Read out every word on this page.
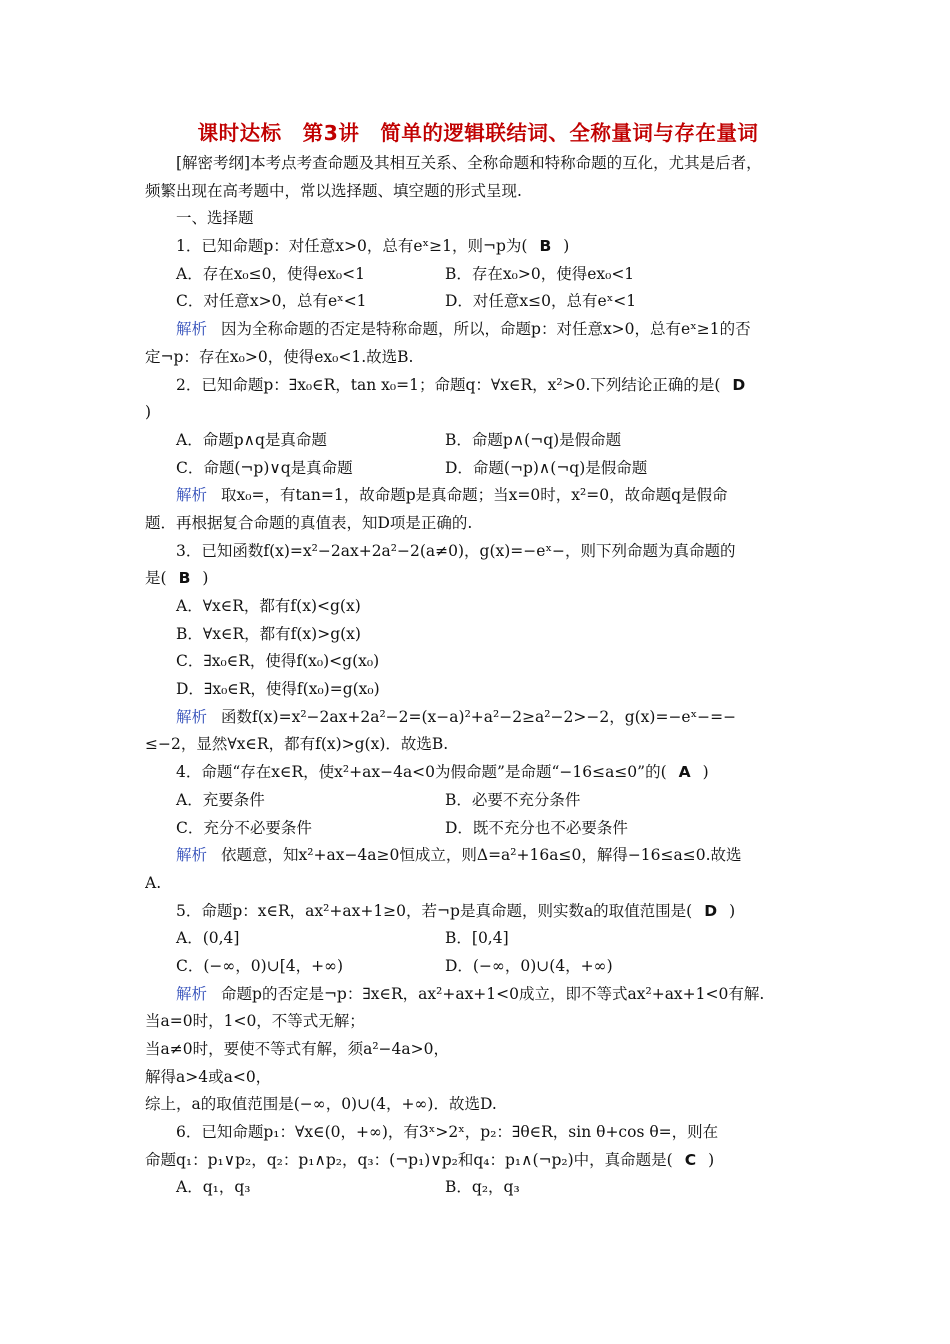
课时达标　第3讲　简单的逻辑联结词、全称量词与存在量词
[解密考纲]本考点考查命题及其相互关系、全称命题和特称命题的互化，尤其是后者，
频繁出现在高考题中，常以选择题、填空题的形式呈现.
一、选择题
1．已知命题p：对任意x>0，总有eˣ≥1，则¬p为( B )
A．存在x₀≤0，使得ex₀<1	B．存在x₀>0，使得ex₀<1
C．对任意x>0，总有eˣ<1	D．对任意x≤0，总有eˣ<1
解析 因为全称命题的否定是特称命题，所以，命题p：对任意x>0，总有eˣ≥1的否
定¬p：存在x₀>0，使得ex₀<1.故选B.
2．已知命题p：∃x₀∈R，tan x₀=1；命题q：∀x∈R，x²>0.下列结论正确的是( D
)
A．命题p∧q是真命题	B．命题p∧(¬q)是假命题
C．命题(¬p)∨q是真命题	D．命题(¬p)∧(¬q)是假命题
解析 取x₀=，有tan=1，故命题p是真命题；当x=0时，x²=0，故命题q是假命
题．再根据复合命题的真值表，知D项是正确的.
3．已知函数f(x)=x²−2ax+2a²−2(a≠0)，g(x)=−eˣ−，则下列命题为真命题的
是( B )
A．∀x∈R，都有f(x)<g(x)
B．∀x∈R，都有f(x)>g(x)
C．∃x₀∈R，使得f(x₀)<g(x₀)
D．∃x₀∈R，使得f(x₀)=g(x₀)
解析 函数f(x)=x²−2ax+2a²−2=(x−a)²+a²−2≥a²−2>−2，g(x)=−eˣ−=−
≤−2，显然∀x∈R，都有f(x)>g(x)．故选B.
4．命题“存在x∈R，使x²+ax−4a<0为假命题”是命题“−16≤a≤0”的( A )
A．充要条件	B．必要不充分条件
C．充分不必要条件	D．既不充分也不必要条件
解析 依题意，知x²+ax−4a≥0恒成立，则Δ=a²+16a≤0，解得−16≤a≤0.故选
A.
5．命题p：x∈R，ax²+ax+1≥0，若¬p是真命题，则实数a的取值范围是( D )
A．(0,4]	B．[0,4]
C．(−∞，0)∪[4，+∞)	D．(−∞，0)∪(4，+∞)
解析 命题p的否定是¬p：∃x∈R，ax²+ax+1<0成立，即不等式ax²+ax+1<0有解.
当a=0时，1<0，不等式无解；
当a≠0时，要使不等式有解，须a²−4a>0，
解得a>4或a<0，
综上，a的取值范围是(−∞，0)∪(4，+∞)．故选D.
6．已知命题p₁：∀x∈(0，+∞)，有3ˣ>2ˣ，p₂：∃θ∈R，sin θ+cos θ=，则在
命题q₁：p₁∨p₂，q₂：p₁∧p₂，q₃：(¬p₁)∨p₂和q₄：p₁∧(¬p₂)中，真命题是( C )
A．q₁，q₃	B．q₂，q₃
